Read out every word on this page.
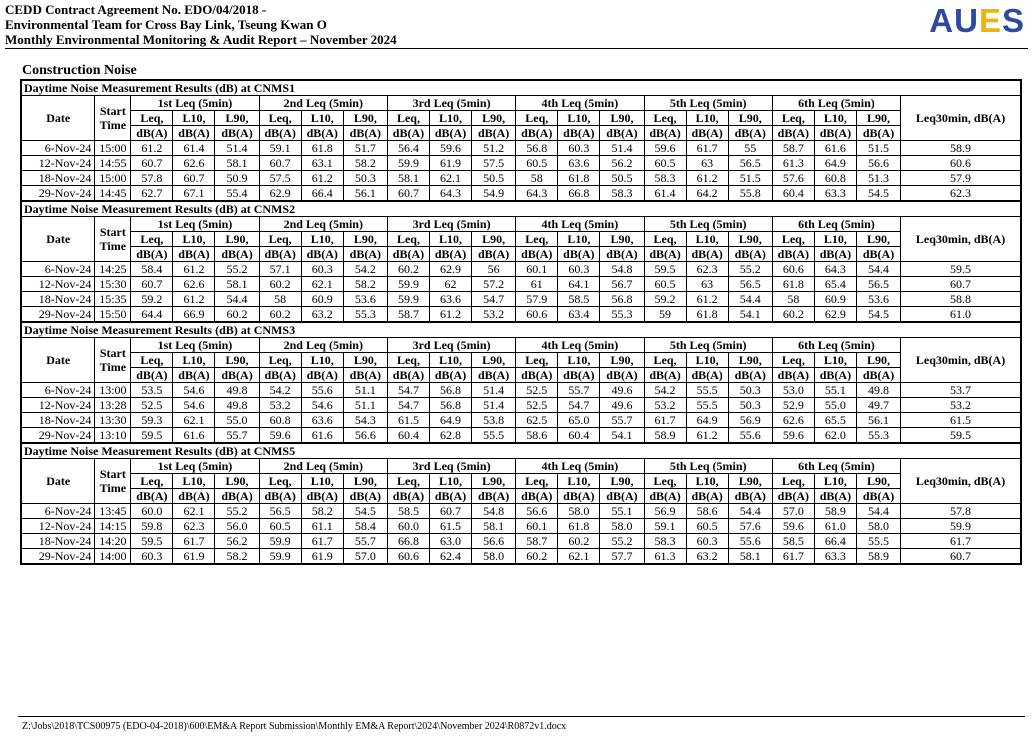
CEDD Contract Agreement No. EDO/04/2018 -
Environmental Team for Cross Bay Link, Tseung Kwan O
Monthly Environmental Monitoring & Audit Report – November 2024
AUES
Construction Noise
Daytime Noise Measurement Results (dB) at CNMS1																				
Date	Start
Time	1st Leq (5min)			2nd Leq (5min)			3rd Leq (5min)			4th Leq (5min)			5th Leq (5min)			6th Leq (5min)			Leq30min, dB(A)
		Leq,	L10,	L90,	Leq,	L10,	L90,	Leq,	L10,	L90,	Leq,	L10,	L90,	Leq,	L10,	L90,	Leq,	L10,	L90,	
		dB(A)	dB(A)	dB(A)	dB(A)	dB(A)	dB(A)	dB(A)	dB(A)	dB(A)	dB(A)	dB(A)	dB(A)	dB(A)	dB(A)	dB(A)	dB(A)	dB(A)	dB(A)	
6-Nov-24	15:00	61.2	61.4	51.4	59.1	61.8	51.7	56.4	59.6	51.2	56.8	60.3	51.4	59.6	61.7	55	58.7	61.6	51.5	58.9
12-Nov-24	14:55	60.7	62.6	58.1	60.7	63.1	58.2	59.9	61.9	57.5	60.5	63.6	56.2	60.5	63	56.5	61.3	64.9	56.6	60.6
18-Nov-24	15:00	57.8	60.7	50.9	57.5	61.2	50.3	58.1	62.1	50.5	58	61.8	50.5	58.3	61.2	51.5	57.6	60.8	51.3	57.9
29-Nov-24	14:45	62.7	67.1	55.4	62.9	66.4	56.1	60.7	64.3	54.9	64.3	66.8	58.3	61.4	64.2	55.8	60.4	63.3	54.5	62.3
Daytime Noise Measurement Results (dB) at CNMS2																				
Date	Start
Time	1st Leq (5min)			2nd Leq (5min)			3rd Leq (5min)			4th Leq (5min)			5th Leq (5min)			6th Leq (5min)			Leq30min, dB(A)
		Leq,	L10,	L90,	Leq,	L10,	L90,	Leq,	L10,	L90,	Leq,	L10,	L90,	Leq,	L10,	L90,	Leq,	L10,	L90,	
		dB(A)	dB(A)	dB(A)	dB(A)	dB(A)	dB(A)	dB(A)	dB(A)	dB(A)	dB(A)	dB(A)	dB(A)	dB(A)	dB(A)	dB(A)	dB(A)	dB(A)	dB(A)	
6-Nov-24	14:25	58.4	61.2	55.2	57.1	60.3	54.2	60.2	62.9	56	60.1	60.3	54.8	59.5	62.3	55.2	60.6	64.3	54.4	59.5
12-Nov-24	15:30	60.7	62.6	58.1	60.2	62.1	58.2	59.9	62	57.2	61	64.1	56.7	60.5	63	56.5	61.8	65.4	56.5	60.7
18-Nov-24	15:35	59.2	61.2	54.4	58	60.9	53.6	59.9	63.6	54.7	57.9	58.5	56.8	59.2	61.2	54.4	58	60.9	53.6	58.8
29-Nov-24	15:50	64.4	66.9	60.2	60.2	63.2	55.3	58.7	61.2	53.2	60.6	63.4	55.3	59	61.8	54.1	60.2	62.9	54.5	61.0
Daytime Noise Measurement Results (dB) at CNMS3																				
Date	Start
Time	1st Leq (5min)			2nd Leq (5min)			3rd Leq (5min)			4th Leq (5min)			5th Leq (5min)			6th Leq (5min)			Leq30min, dB(A)
		Leq,	L10,	L90,	Leq,	L10,	L90,	Leq,	L10,	L90,	Leq,	L10,	L90,	Leq,	L10,	L90,	Leq,	L10,	L90,	
		dB(A)	dB(A)	dB(A)	dB(A)	dB(A)	dB(A)	dB(A)	dB(A)	dB(A)	dB(A)	dB(A)	dB(A)	dB(A)	dB(A)	dB(A)	dB(A)	dB(A)	dB(A)	
6-Nov-24	13:00	53.5	54.6	49.8	54.2	55.6	51.1	54.7	56.8	51.4	52.5	55.7	49.6	54.2	55.5	50.3	53.0	55.1	49.8	53.7
12-Nov-24	13:28	52.5	54.6	49.8	53.2	54.6	51.1	54.7	56.8	51.4	52.5	54.7	49.6	53.2	55.5	50.3	52.9	55.0	49.7	53.2
18-Nov-24	13:30	59.3	62.1	55.0	60.8	63.6	54.3	61.5	64.9	53.8	62.5	65.0	55.7	61.7	64.9	56.9	62.6	65.5	56.1	61.5
29-Nov-24	13:10	59.5	61.6	55.7	59.6	61.6	56.6	60.4	62.8	55.5	58.6	60.4	54.1	58.9	61.2	55.6	59.6	62.0	55.3	59.5
Daytime Noise Measurement Results (dB) at CNMS5																				
Date	Start
Time	1st Leq (5min)			2nd Leq (5min)			3rd Leq (5min)			4th Leq (5min)			5th Leq (5min)			6th Leq (5min)			Leq30min, dB(A)
		Leq,	L10,	L90,	Leq,	L10,	L90,	Leq,	L10,	L90,	Leq,	L10,	L90,	Leq,	L10,	L90,	Leq,	L10,	L90,	
		dB(A)	dB(A)	dB(A)	dB(A)	dB(A)	dB(A)	dB(A)	dB(A)	dB(A)	dB(A)	dB(A)	dB(A)	dB(A)	dB(A)	dB(A)	dB(A)	dB(A)	dB(A)	
6-Nov-24	13:45	60.0	62.1	55.2	56.5	58.2	54.5	58.5	60.7	54.8	56.6	58.0	55.1	56.9	58.6	54.4	57.0	58.9	54.4	57.8
12-Nov-24	14:15	59.8	62.3	56.0	60.5	61.1	58.4	60.0	61.5	58.1	60.1	61.8	58.0	59.1	60.5	57.6	59.6	61.0	58.0	59.9
18-Nov-24	14:20	59.5	61.7	56.2	59.9	61.7	55.7	66.8	63.0	56.6	58.7	60.2	55.2	58.3	60.3	55.6	58.5	66.4	55.5	61.7
29-Nov-24	14:00	60.3	61.9	58.2	59.9	61.9	57.0	60.6	62.4	58.0	60.2	62.1	57.7	61.3	63.2	58.1	61.7	63.3	58.9	60.7
Z:\Jobs\2018\TCS00975 (EDO-04-2018)\600\EM&A Report Submission\Monthly EM&A Report\2024\November 2024\R0872v1.docx
